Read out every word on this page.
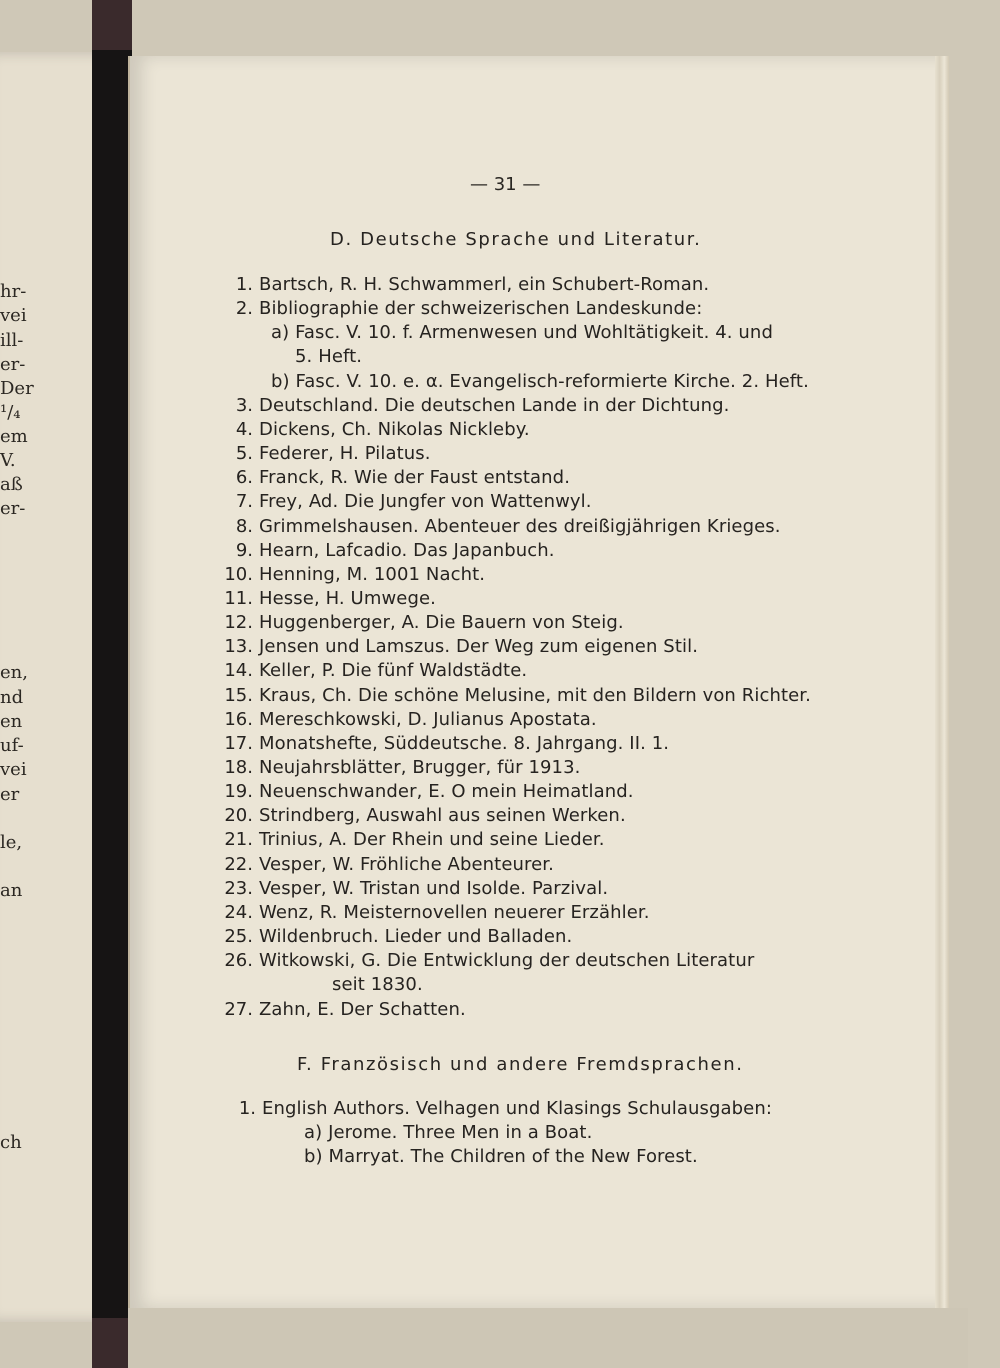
hr-
vei
ill-
er-
Der
¹/₄
em
V.
aß
er-
en,
nd
en
uf-
vei
er
le,
an
ch
— 31 —
D. Deutsche Sprache und Literatur.
1. Bartsch, R. H. Schwammerl, ein Schubert-Roman.
2. Bibliographie der schweizerischen Landeskunde:
a) Fasc. V. 10. f. Armenwesen und Wohltätigkeit. 4. und
5. Heft.
b) Fasc. V. 10. e. α. Evangelisch-reformierte Kirche. 2. Heft.
3. Deutschland. Die deutschen Lande in der Dichtung.
4. Dickens, Ch. Nikolas Nickleby.
5. Federer, H. Pilatus.
6. Franck, R. Wie der Faust entstand.
7. Frey, Ad. Die Jungfer von Wattenwyl.
8. Grimmelshausen. Abenteuer des dreißigjährigen Krieges.
9. Hearn, Lafcadio. Das Japanbuch.
10. Henning, M. 1001 Nacht.
11. Hesse, H. Umwege.
12. Huggenberger, A. Die Bauern von Steig.
13. Jensen und Lamszus. Der Weg zum eigenen Stil.
14. Keller, P. Die fünf Waldstädte.
15. Kraus, Ch. Die schöne Melusine, mit den Bildern von Richter.
16. Mereschkowski, D. Julianus Apostata.
17. Monatshefte, Süddeutsche. 8. Jahrgang. II. 1.
18. Neujahrsblätter, Brugger, für 1913.
19. Neuenschwander, E. O mein Heimatland.
20. Strindberg, Auswahl aus seinen Werken.
21. Trinius, A. Der Rhein und seine Lieder.
22. Vesper, W. Fröhliche Abenteurer.
23. Vesper, W. Tristan und Isolde. Parzival.
24. Wenz, R. Meisternovellen neuerer Erzähler.
25. Wildenbruch. Lieder und Balladen.
26. Witkowski, G. Die Entwicklung der deutschen Literatur
seit 1830.
27. Zahn, E. Der Schatten.
F. Französisch und andere Fremdsprachen.
1. English Authors. Velhagen und Klasings Schulausgaben:
a) Jerome. Three Men in a Boat.
b) Marryat. The Children of the New Forest.
